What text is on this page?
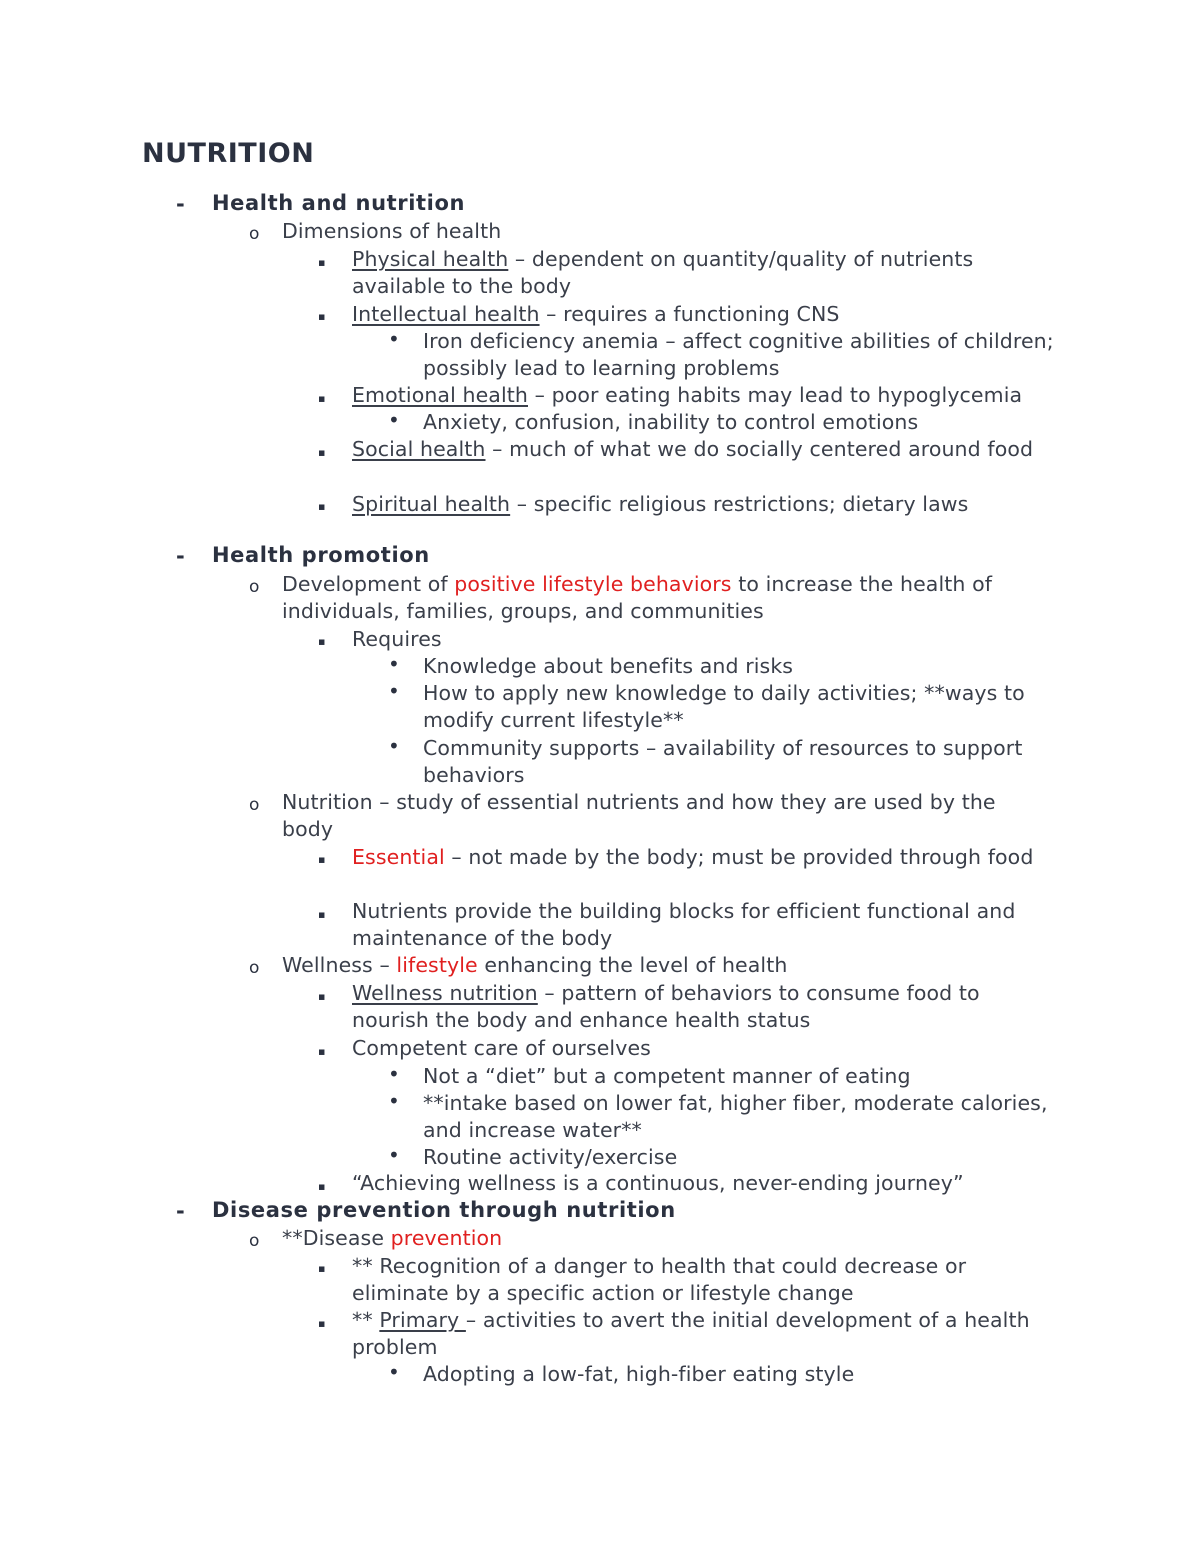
NUTRITION
- Health and nutrition
o Dimensions of health
▪ Physical health – dependent on quantity/quality of nutrients available to the body
▪ Intellectual health – requires a functioning CNS
• Iron deficiency anemia – affect cognitive abilities of children; possibly lead to learning problems
▪ Emotional health – poor eating habits may lead to hypoglycemia
• Anxiety, confusion, inability to control emotions
▪ Social health – much of what we do socially centered around food
▪ Spiritual health – specific religious restrictions; dietary laws
- Health promotion
o Development of positive lifestyle behaviors to increase the health of individuals, families, groups, and communities
▪ Requires
• Knowledge about benefits and risks
• How to apply new knowledge to daily activities; **ways to modify current lifestyle**
• Community supports – availability of resources to support behaviors
o Nutrition – study of essential nutrients and how they are used by the body
▪ Essential – not made by the body; must be provided through food
▪ Nutrients provide the building blocks for efficient functional and maintenance of the body
o Wellness – lifestyle enhancing the level of health
▪ Wellness nutrition – pattern of behaviors to consume food to nourish the body and enhance health status
▪ Competent care of ourselves
• Not a “diet” but a competent manner of eating
• **intake based on lower fat, higher fiber, moderate calories, and increase water**
• Routine activity/exercise
▪ “Achieving wellness is a continuous, never-ending journey”
- Disease prevention through nutrition
o **Disease prevention
▪ ** Recognition of a danger to health that could decrease or eliminate by a specific action or lifestyle change
▪ ** Primary – activities to avert the initial development of a health problem
• Adopting a low-fat, high-fiber eating style
